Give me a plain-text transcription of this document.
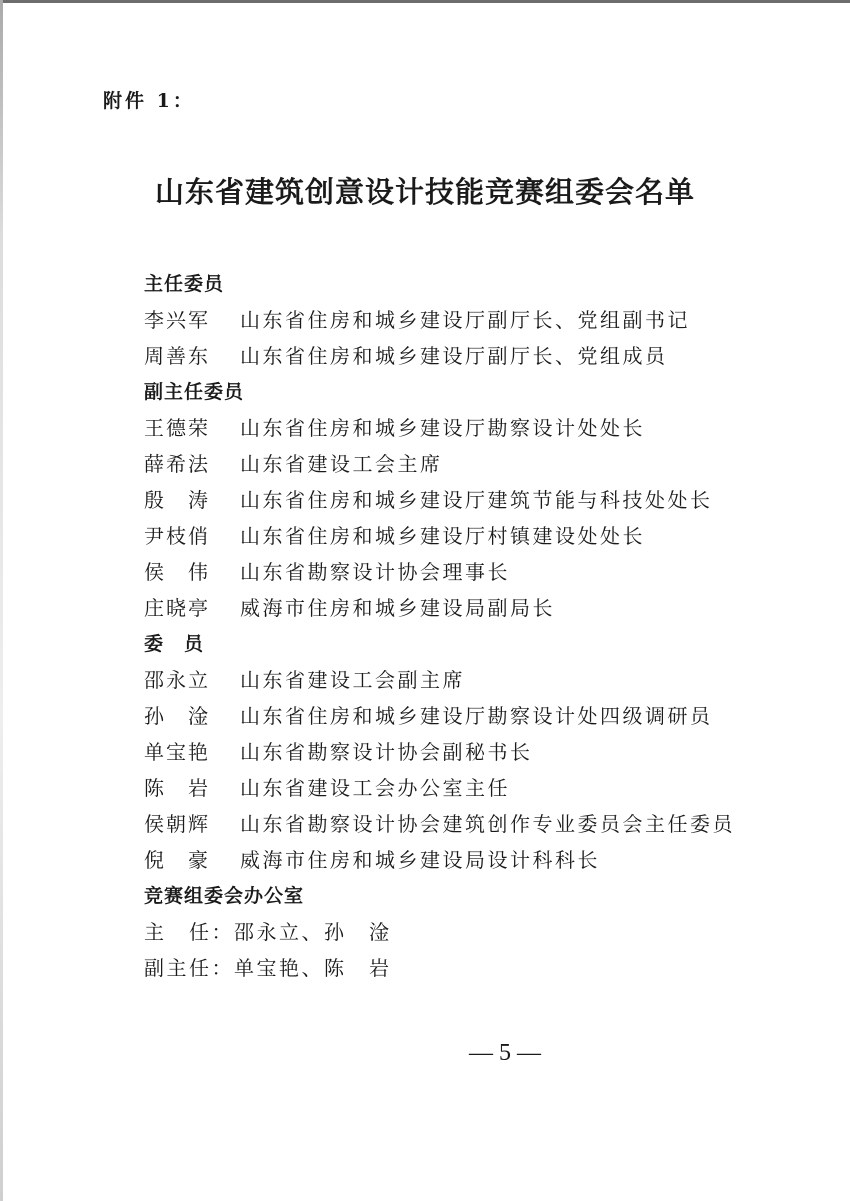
附件 1：
山东省建筑创意设计技能竞赛组委会名单
主任委员
李兴军	山东省住房和城乡建设厅副厅长、党组副书记
周善东	山东省住房和城乡建设厅副厅长、党组成员
副主任委员
王德荣	山东省住房和城乡建设厅勘察设计处处长
薛希法	山东省建设工会主席
殷　涛	山东省住房和城乡建设厅建筑节能与科技处处长
尹枝俏	山东省住房和城乡建设厅村镇建设处处长
侯　伟	山东省勘察设计协会理事长
庄晓亭	威海市住房和城乡建设局副局长
委　员
邵永立	山东省建设工会副主席
孙　淦	山东省住房和城乡建设厅勘察设计处四级调研员
单宝艳	山东省勘察设计协会副秘书长
陈　岩	山东省建设工会办公室主任
侯朝辉	山东省勘察设计协会建筑创作专业委员会主任委员
倪　豪	威海市住房和城乡建设局设计科科长
竞赛组委会办公室
主　任：邵永立、孙　淦
副主任：单宝艳、陈　岩
— 5 —
